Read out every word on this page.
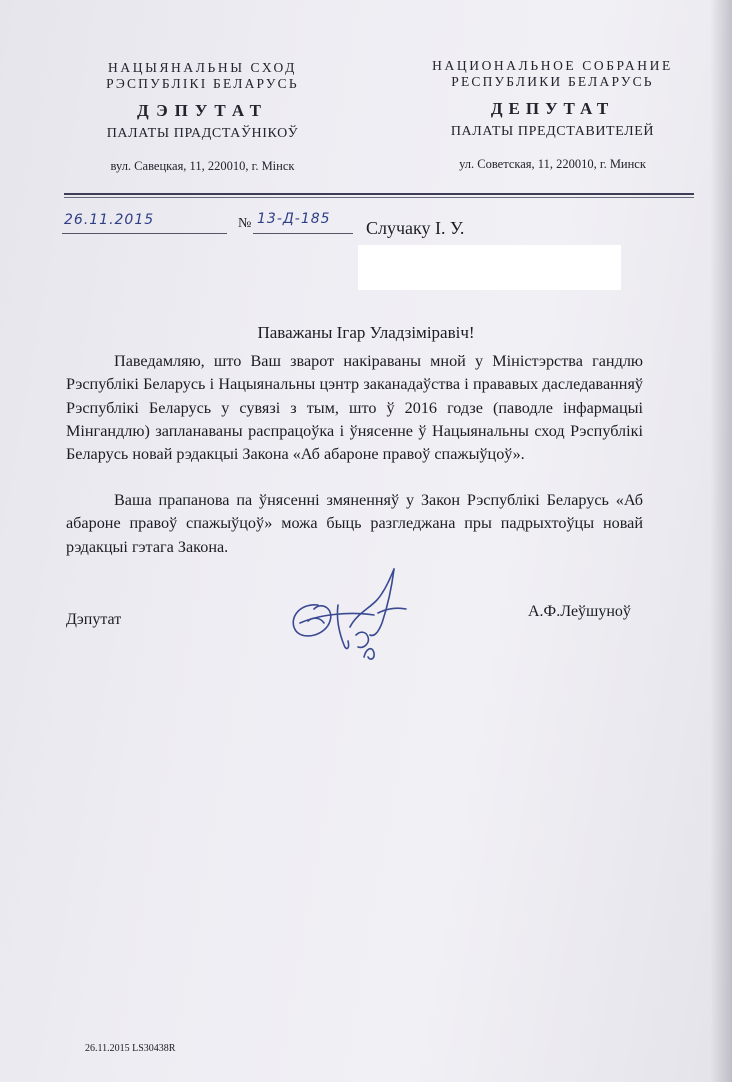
НАЦЫЯНАЛЬНЫ СХОД
РЭСПУБЛІКІ БЕЛАРУСЬ
ДЭПУТАТ
ПАЛАТЫ ПРАДСТАЎНІКОЎ
вул. Савецкая, 11, 220010, г. Мінск
НАЦИОНАЛЬНОЕ СОБРАНИЕ
РЕСПУБЛИКИ БЕЛАРУСЬ
ДЕПУТАТ
ПАЛАТЫ ПРЕДСТАВИТЕЛЕЙ
ул. Советская, 11, 220010, г. Минск
26.11.2015	№ 13-Д-185 Случаку І. У.
Паважаны Ігар Уладзіміравіч!
Паведамляю, што Ваш зварот накіраваны мной у Міністэрства гандлю Рэспублікі Беларусь і Нацыянальны цэнтр заканадаўства і прававых даследаванняў Рэспублікі Беларусь у сувязі з тым, што ў 2016 годзе (паводле інфармацыі Мінгандлю) запланаваны распрацоўка і ўнясенне ў Нацыянальны сход Рэспублікі Беларусь новай рэдакцыі Закона «Аб абароне правоў спажыўцоў».
Ваша прапанова па ўнясенні змяненняў у Закон Рэспублікі Беларусь «Аб абароне правоў спажыўцоў» можа быць разгледжана пры падрыхтоўцы новай рэдакцыі гэтага Закона.
Дэпутат	А.Ф.Леўшуноў
26.11.2015 LS30438R
